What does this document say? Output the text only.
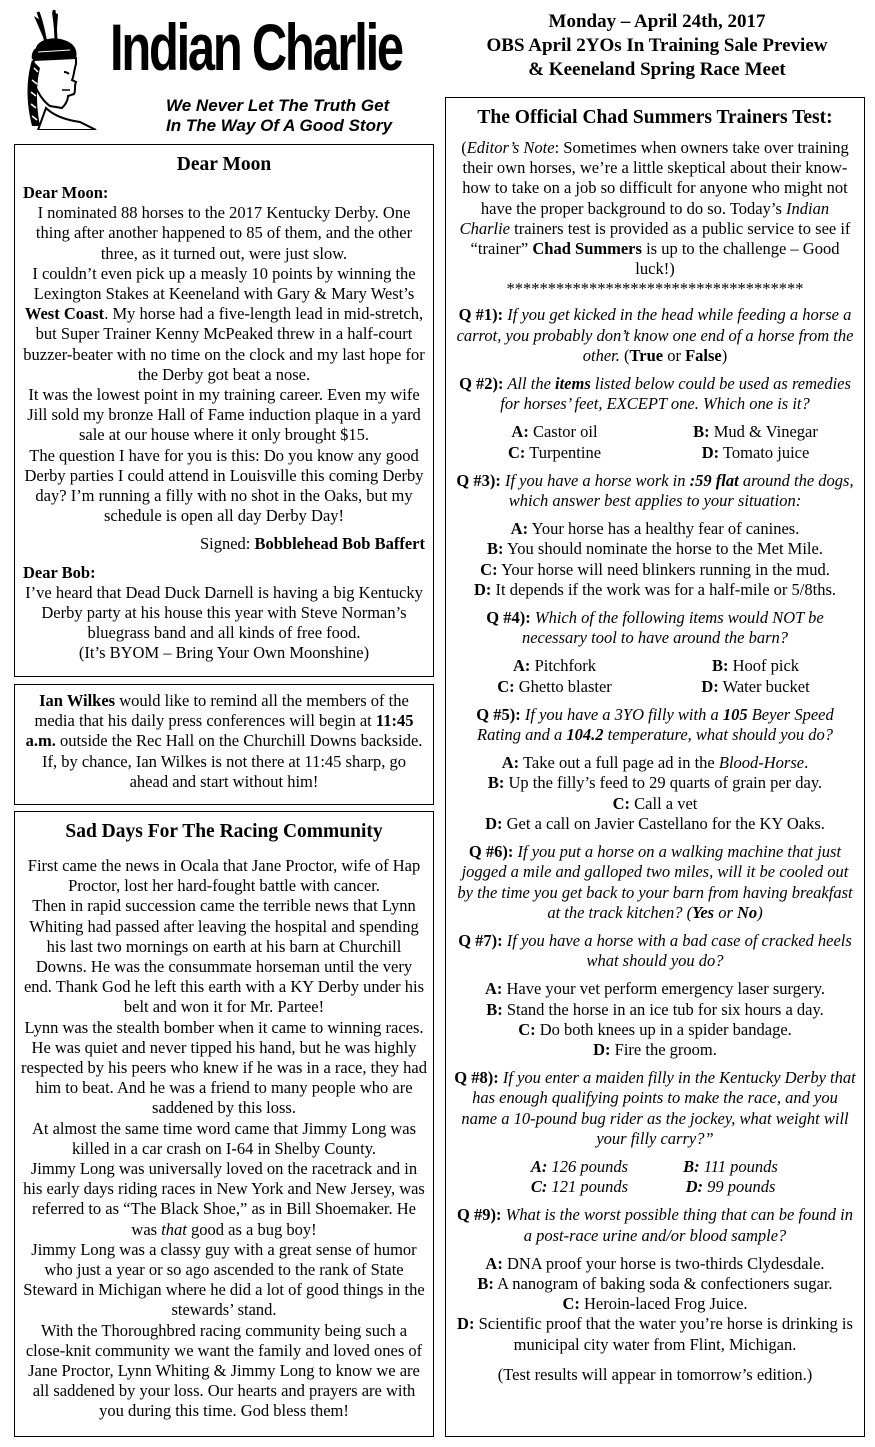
Indian Charlie
We Never Let The Truth Get
In The Way Of A Good Story
Monday – April 24th, 2017
OBS April 2YOs In Training Sale Preview
& Keeneland Spring Race Meet
Dear Moon
Dear Moon:

I nominated 88 horses to the 2017 Kentucky Derby. One thing after another happened to 85 of them, and the other three, as it turned out, were just slow.

I couldn’t even pick up a measly 10 points by winning the Lexington Stakes at Keeneland with Gary & Mary West’s West Coast. My horse had a five-length lead in mid-stretch, but Super Trainer Kenny McPeaked threw in a half-court buzzer-beater with no time on the clock and my last hope for the Derby got beat a nose.

It was the lowest point in my training career. Even my wife Jill sold my bronze Hall of Fame induction plaque in a yard sale at our house where it only brought $15.

The question I have for you is this: Do you know any good Derby parties I could attend in Louisville this coming Derby day? I’m running a filly with no shot in the Oaks, but my schedule is open all day Derby Day!

Signed: Bobblehead Bob Baffert
Dear Bob:

I’ve heard that Dead Duck Darnell is having a big Kentucky Derby party at his house this year with Steve Norman’s bluegrass band and all kinds of free food.

(It’s BYOM – Bring Your Own Moonshine)

Ian Wilkes would like to remind all the members of the media that his daily press conferences will begin at 11:45 a.m. outside the Rec Hall on the Churchill Downs backside. If, by chance, Ian Wilkes is not there at 11:45 sharp, go ahead and start without him!
Sad Days For The Racing Community

First came the news in Ocala that Jane Proctor, wife of Hap Proctor, lost her hard-fought battle with cancer.

Then in rapid succession came the terrible news that Lynn Whiting had passed after leaving the hospital and spending his last two mornings on earth at his barn at Churchill Downs. He was the consummate horseman until the very end. Thank God he left this earth with a KY Derby under his belt and won it for Mr. Partee!

Lynn was the stealth bomber when it came to winning races. He was quiet and never tipped his hand, but he was highly respected by his peers who knew if he was in a race, they had him to beat. And he was a friend to many people who are saddened by this loss.

At almost the same time word came that Jimmy Long was killed in a car crash on I-64 in Shelby County.

Jimmy Long was universally loved on the racetrack and in his early days riding races in New York and New Jersey, was referred to as “The Black Shoe,” as in Bill Shoemaker. He was that good as a bug boy!

Jimmy Long was a classy guy with a great sense of humor who just a year or so ago ascended to the rank of State Steward in Michigan where he did a lot of good things in the stewards’ stand.

With the Thoroughbred racing community being such a close-knit community we want the family and loved ones of Jane Proctor, Lynn Whiting & Jimmy Long to know we are all saddened by your loss. Our hearts and prayers are with you during this time. God bless them!

The Official Chad Summers Trainers Test:

(Editor’s Note: Sometimes when owners take over training their own horses, we’re a little skeptical about their know-how to take on a job so difficult for anyone who might not have the proper background to do so. Today’s Indian Charlie trainers test is provided as a public service to see if “trainer” Chad Summers is up to the challenge – Good luck!)

************************************

Q #1): If you get kicked in the head while feeding a horse a carrot, you probably don’t know one end of a horse from the other. (True or False)

Q #2): All the items listed below could be used as remedies for horses’ feet, EXCEPT one. Which one is it?

A: Castor oil	B: Mud & Vinegar
C: Turpentine	D: Tomato juice

Q #3): If you have a horse work in :59 flat around the dogs, which answer best applies to your situation:

A: Your horse has a healthy fear of canines.
B: You should nominate the horse to the Met Mile.
C: Your horse will need blinkers running in the mud.
D: It depends if the work was for a half-mile or 5/8ths.

Q #4): Which of the following items would NOT be necessary tool to have around the barn?

A: Pitchfork	B: Hoof pick
C: Ghetto blaster	D: Water bucket

Q #5): If you have a 3YO filly with a 105 Beyer Speed Rating and a 104.2 temperature, what should you do?

A: Take out a full page ad in the Blood-Horse.
B: Up the filly’s feed to 29 quarts of grain per day.
C: Call a vet
D: Get a call on Javier Castellano for the KY Oaks.

Q #6): If you put a horse on a walking machine that just jogged a mile and galloped two miles, will it be cooled out by the time you get back to your barn from having breakfast at the track kitchen? (Yes or No)

Q #7): If you have a horse with a bad case of cracked heels what should you do?

A: Have your vet perform emergency laser surgery.
B: Stand the horse in an ice tub for six hours a day.
C: Do both knees up in a spider bandage.
D: Fire the groom.

Q #8): If you enter a maiden filly in the Kentucky Derby that has enough qualifying points to make the race, and you name a 10-pound bug rider as the jockey, what weight will your filly carry?”

A: 126 pounds	B: 111 pounds
C: 121 pounds	D: 99 pounds

Q #9): What is the worst possible thing that can be found in a post-race urine and/or blood sample?

A: DNA proof your horse is two-thirds Clydesdale.
B: A nanogram of baking soda & confectioners sugar.
C: Heroin-laced Frog Juice.
D: Scientific proof that the water you’re horse is drinking is municipal city water from Flint, Michigan.

(Test results will appear in tomorrow’s edition.)
